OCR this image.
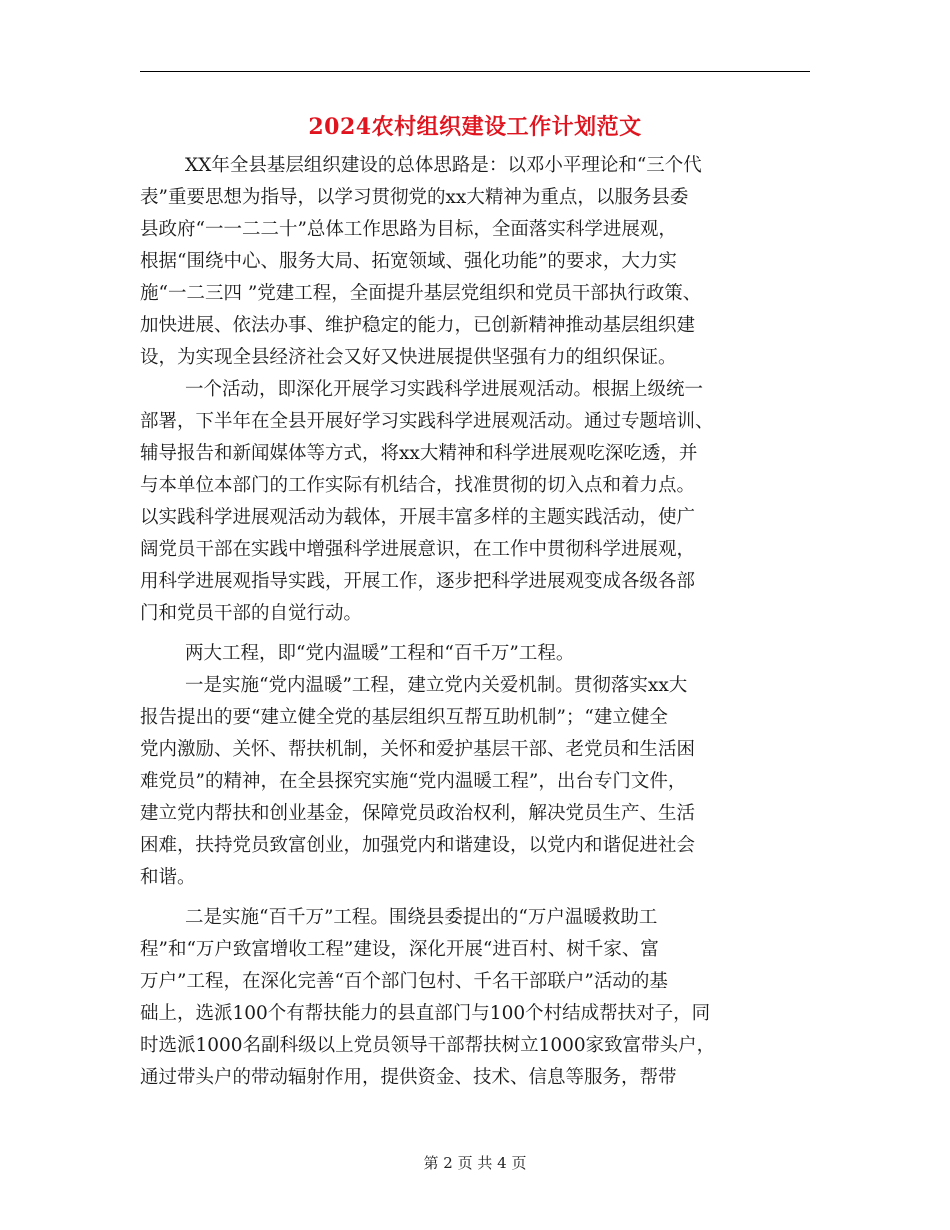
2024农村组织建设工作计划范文
XX年全县基层组织建设的总体思路是：以邓小平理论和“三个代
表”重要思想为指导，以学习贯彻党的xx大精神为重点，以服务县委
县政府“一一二二十”总体工作思路为目标，全面落实科学进展观，
根据“围绕中心、服务大局、拓宽领域、强化功能”的要求，大力实
施“一二三四 ”党建工程，全面提升基层党组织和党员干部执行政策、
加快进展、依法办事、维护稳定的能力，已创新精神推动基层组织建
设，为实现全县经济社会又好又快进展提供坚强有力的组织保证。
一个活动，即深化开展学习实践科学进展观活动。根据上级统一
部署，下半年在全县开展好学习实践科学进展观活动。通过专题培训、
辅导报告和新闻媒体等方式，将xx大精神和科学进展观吃深吃透，并
与本单位本部门的工作实际有机结合，找准贯彻的切入点和着力点。
以实践科学进展观活动为载体，开展丰富多样的主题实践活动，使广
阔党员干部在实践中增强科学进展意识，在工作中贯彻科学进展观，
用科学进展观指导实践，开展工作，逐步把科学进展观变成各级各部
门和党员干部的自觉行动。
两大工程，即“党内温暖”工程和“百千万”工程。
一是实施“党内温暖”工程，建立党内关爱机制。贯彻落实xx大
报告提出的要“建立健全党的基层组织互帮互助机制”；“建立健全
党内激励、关怀、帮扶机制，关怀和爱护基层干部、老党员和生活困
难党员”的精神，在全县探究实施“党内温暖工程”，出台专门文件，
建立党内帮扶和创业基金，保障党员政治权利，解决党员生产、生活
困难，扶持党员致富创业，加强党内和谐建设，以党内和谐促进社会
和谐。
二是实施“百千万”工程。围绕县委提出的“万户温暖救助工
程”和“万户致富增收工程”建设，深化开展“进百村、树千家、富
万户”工程，在深化完善“百个部门包村、千名干部联户”活动的基
础上，选派100个有帮扶能力的县直部门与100个村结成帮扶对子，同
时选派1000名副科级以上党员领导干部帮扶树立1000家致富带头户，
通过带头户的带动辐射作用，提供资金、技术、信息等服务，帮带
第 2 页 共 4 页
